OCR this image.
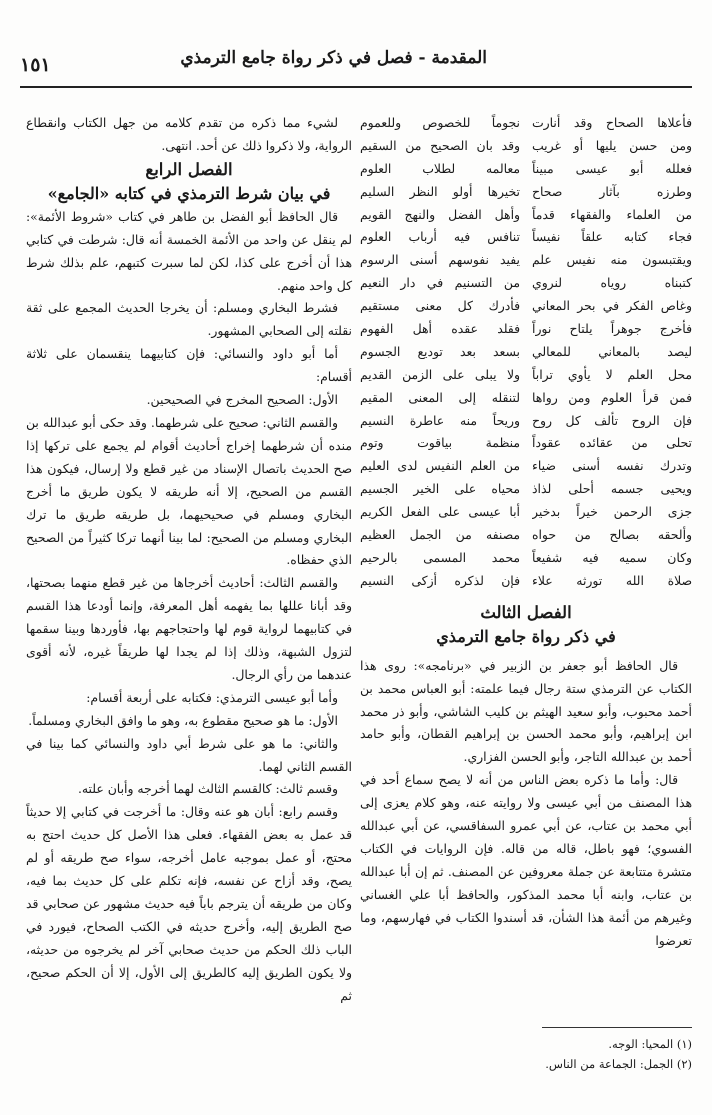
المقدمة - فصل في ذكر رواة جامع الترمذي
١٥١
فأعلاها الصحاح وقد أنارت
نجوماً للخصوص وللعموم
ومن حسن يليها أو غريب
وقد بان الصحيح من السقيم
فعلله أبو عيسى مبيناً
معالمه لطلاب العلوم
وطرزه بآثار صحاح
تخيرها أولو النظر السليم
من العلماء والفقهاء قدماً
وأهل الفضل والنهج القويم
فجاء كتابه علقاً نفيساً
تنافس فيه أرباب العلوم
ويقتبسون منه نفيس علم
يفيد نفوسهم أسنى الرسوم
كتبناه روياه لنروي
من التسنيم في دار النعيم
وغاص الفكر في بحر المعاني
فأدرك كل معنى مستقيم
فأخرج جوهراً يلتاح نوراً
فقلد عقده أهل الفهوم
ليصد بالمعاني للمعالي
بسعد بعد توديع الجسوم
محل العلم لا يأوي تراباً
ولا يبلى على الزمن القديم
فمن قرأ العلوم ومن رواها
لتنقله إلى المعنى المقيم
فإن الروح تألف كل روح
وريحاً منه عاطرة النسيم
تحلى من عقائده عقوداً
منظمة بياقوت وتوم
وتدرك نفسه أسنى ضياء
من العلم النفيس لدى العليم
ويحيى جسمه أحلى لذاذ
محياه على الخير الجسيم
جزى الرحمن خيراً بدخير
أبا عيسى على الفعل الكريم
وألحقه بصالح من حواه
مصنفه من الجمل العظيم
وكان سميه فيه شفيعاً
محمد المسمى بالرحيم
صلاة الله تورثه علاء
فإن لذكره أزكى النسيم
الفصل الثالث
في ذكر رواة جامع الترمذي

قال الحافظ أبو جعفر بن الزبير في «برنامجه»: روى هذا الكتاب عن الترمذي ستة رجال فيما علمته: أبو العباس محمد بن أحمد محبوب، وأبو سعيد الهيثم بن كليب الشاشي، وأبو ذر محمد ابن إبراهيم، وأبو محمد الحسن بن إبراهيم القطان، وأبو حامد أحمد بن عبدالله التاجر، وأبو الحسن الفزاري.

قال: وأما ما ذكره بعض الناس من أنه لا يصح سماع أحد في هذا المصنف من أبي عيسى ولا روايته عنه، وهو كلام يعزى إلى أبي محمد بن عتاب، عن أبي عمرو السفاقسي، عن أبي عبدالله الفسوي؛ فهو باطل، قاله من قاله. فإن الروايات في الكتاب متشرة متتابعة عن جملة معروفين عن المصنف. ثم إن أبا عبدالله بن عتاب، وابنه أبا محمد المذكور، والحافظ أبا علي الغساني وغيرهم من أئمة هذا الشأن، قد أسندوا الكتاب في فهارسهم، وما تعرضوا

لشيء مما ذكره من تقدم كلامه من جهل الكتاب وانقطاع الرواية، ولا ذكروا ذلك عن أحد. انتهى.

الفصل الرابع
في بيان شرط الترمذي في كتابه «الجامع»

قال الحافظ أبو الفضل بن طاهر في كتاب «شروط الأئمة»: لم ينقل عن واحد من الأئمة الخمسة أنه قال: شرطت في كتابي هذا أن أخرج على كذا، لكن لما سبرت كتبهم، علم بذلك شرط كل واحد منهم.

فشرط البخاري ومسلم: أن يخرجا الحديث المجمع على ثقة نقلته إلى الصحابي المشهور.

أما أبو داود والنسائي: فإن كتابيهما ينقسمان على ثلاثة أقسام:

الأول: الصحيح المخرج في الصحيحين.

والقسم الثاني: صحيح على شرطهما. وقد حكى أبو عبدالله بن منده أن شرطهما إخراج أحاديث أقوام لم يجمع على تركها إذا صح الحديث باتصال الإسناد من غير قطع ولا إرسال، فيكون هذا القسم من الصحيح، إلا أنه طريقه لا يكون طريق ما أخرج البخاري ومسلم في صحيحيهما، بل طريقه طريق ما ترك البخاري ومسلم من الصحيح: لما بينا أنهما تركا كثيراً من الصحيح الذي حفظاه.

والقسم الثالث: أحاديث أخرجاها من غير قطع منهما بصحتها، وقد أبانا عللها بما يفهمه أهل المعرفة، وإنما أودعا هذا القسم في كتابيهما لرواية قوم لها واحتجاجهم بها، فأوردها وبينا سقمها لتزول الشبهة، وذلك إذا لم يجدا لها طريقاً غيره، لأنه أقوى عندهما من رأي الرجال.

وأما أبو عيسى الترمذي: فكتابه على أربعة أقسام:

الأول: ما هو صحيح مقطوع به، وهو ما وافق البخاري ومسلماً.

والثاني: ما هو على شرط أبي داود والنسائي كما بينا في القسم الثاني لهما.

وقسم ثالث: كالقسم الثالث لهما أخرجه وأبان علته.

وقسم رابع: أبان هو عنه وقال: ما أخرجت في كتابي إلا حديثاً قد عمل به بعض الفقهاء. فعلى هذا الأصل كل حديث احتج به محتج، أو عمل بموجبه عامل أخرجه، سواء صح طريقه أو لم يصح، وقد أزاح عن نفسه، فإنه تكلم على كل حديث بما فيه، وكان من طريقه أن يترجم باباً فيه حديث مشهور عن صحابي قد صح الطريق إليه، وأخرج حديثه في الكتب الصحاح، فيورد في الباب ذلك الحكم من حديث صحابي آخر لم يخرجوه من حديثه، ولا يكون الطريق إليه كالطريق إلى الأول، إلا أن الحكم صحيح، ثم

(١) المحيا: الوجه.
(٢) الجمل: الجماعة من الناس.
